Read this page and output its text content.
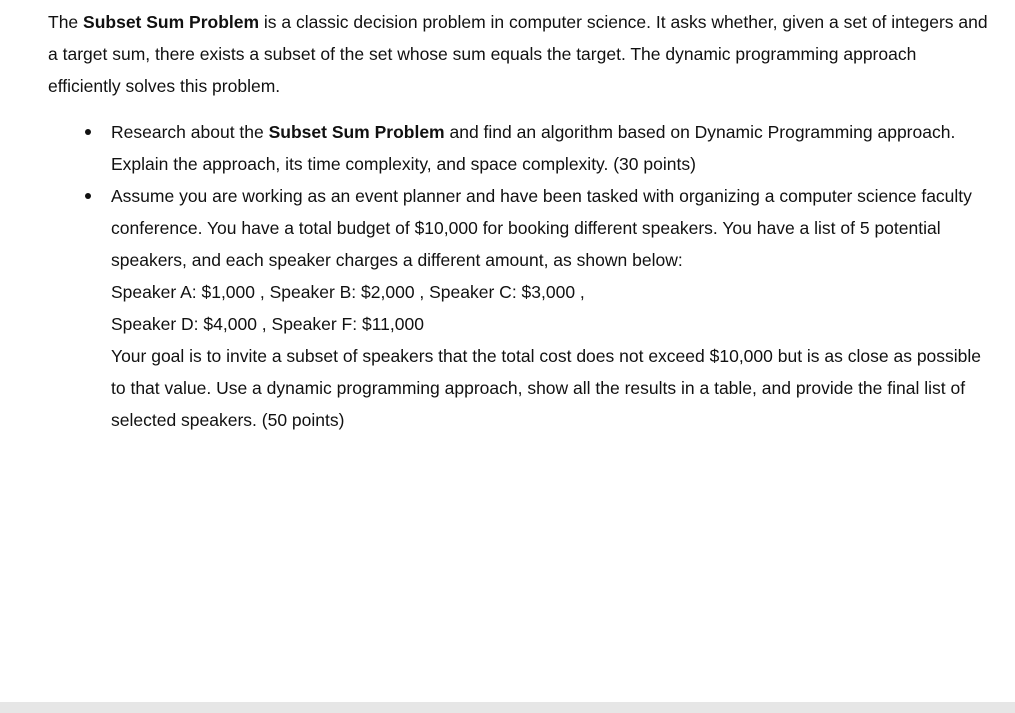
The Subset Sum Problem is a classic decision problem in computer science. It asks whether, given a set of integers and a target sum, there exists a subset of the set whose sum equals the target. The dynamic programming approach efficiently solves this problem.

Research about the Subset Sum Problem and find an algorithm based on Dynamic Programming approach. Explain the approach, its time complexity, and space complexity. (30 points)

Assume you are working as an event planner and have been tasked with organizing a computer science faculty conference. You have a total budget of $10,000 for booking different speakers. You have a list of 5 potential speakers, and each speaker charges a different amount, as shown below:

Speaker A: $1,000 , Speaker B: $2,000 , Speaker C: $3,000 ,
Speaker D: $4,000 , Speaker F: $11,000

Your goal is to invite a subset of speakers that the total cost does not exceed $10,000 but is as close as possible to that value. Use a dynamic programming approach, show all the results in a table, and provide the final list of selected speakers. (50 points)
